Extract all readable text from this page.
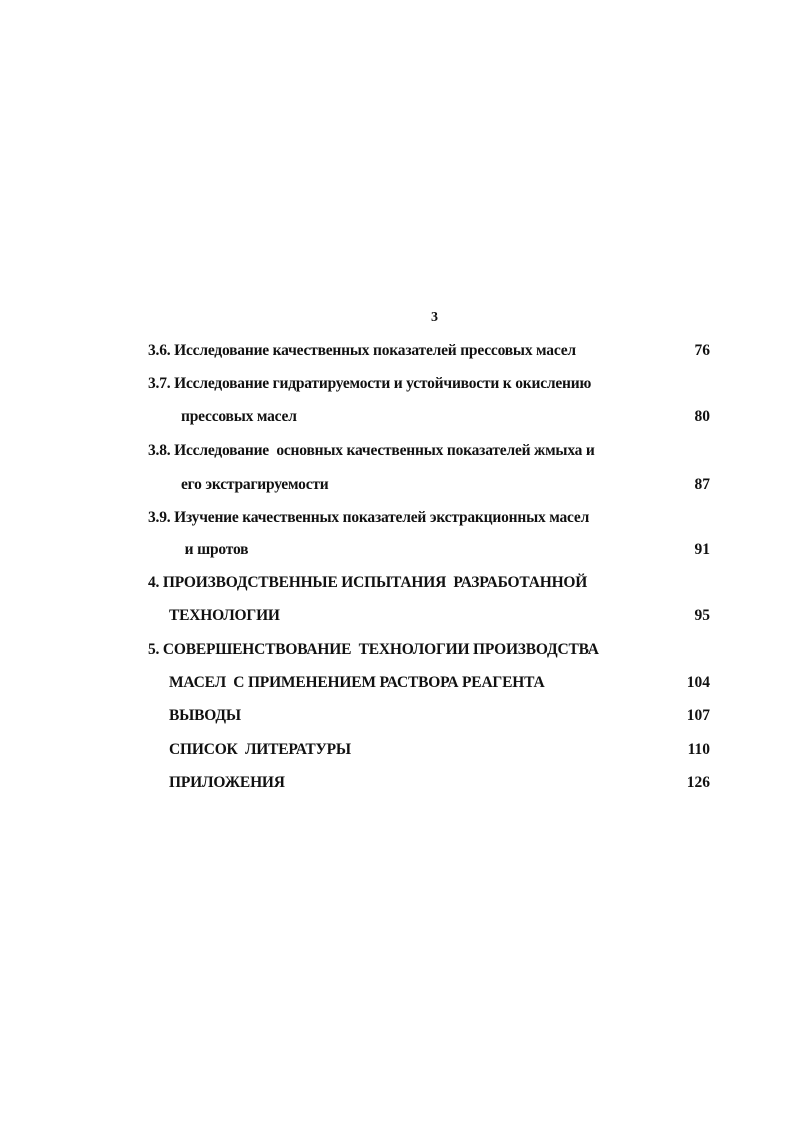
3
3.6. Исследование качественных показателей прессовых масел	76
3.7. Исследование гидратируемости и устойчивости к окислению
прессовых масел	80
3.8. Исследование  основных качественных показателей жмыха и
его экстрагируемости	87
3.9. Изучение качественных показателей экстракционных масел
и шротов	91
4. ПРОИЗВОДСТВЕННЫЕ ИСПЫТАНИЯ  РАЗРАБОТАННОЙ
ТЕХНОЛОГИИ	95
5. СОВЕРШЕНСТВОВАНИЕ  ТЕХНОЛОГИИ ПРОИЗВОДСТВА
МАСЕЛ  С ПРИМЕНЕНИЕМ РАСТВОРА РЕАГЕНТА	104
ВЫВОДЫ	107
СПИСОК  ЛИТЕРАТУРЫ	110
ПРИЛОЖЕНИЯ	126
